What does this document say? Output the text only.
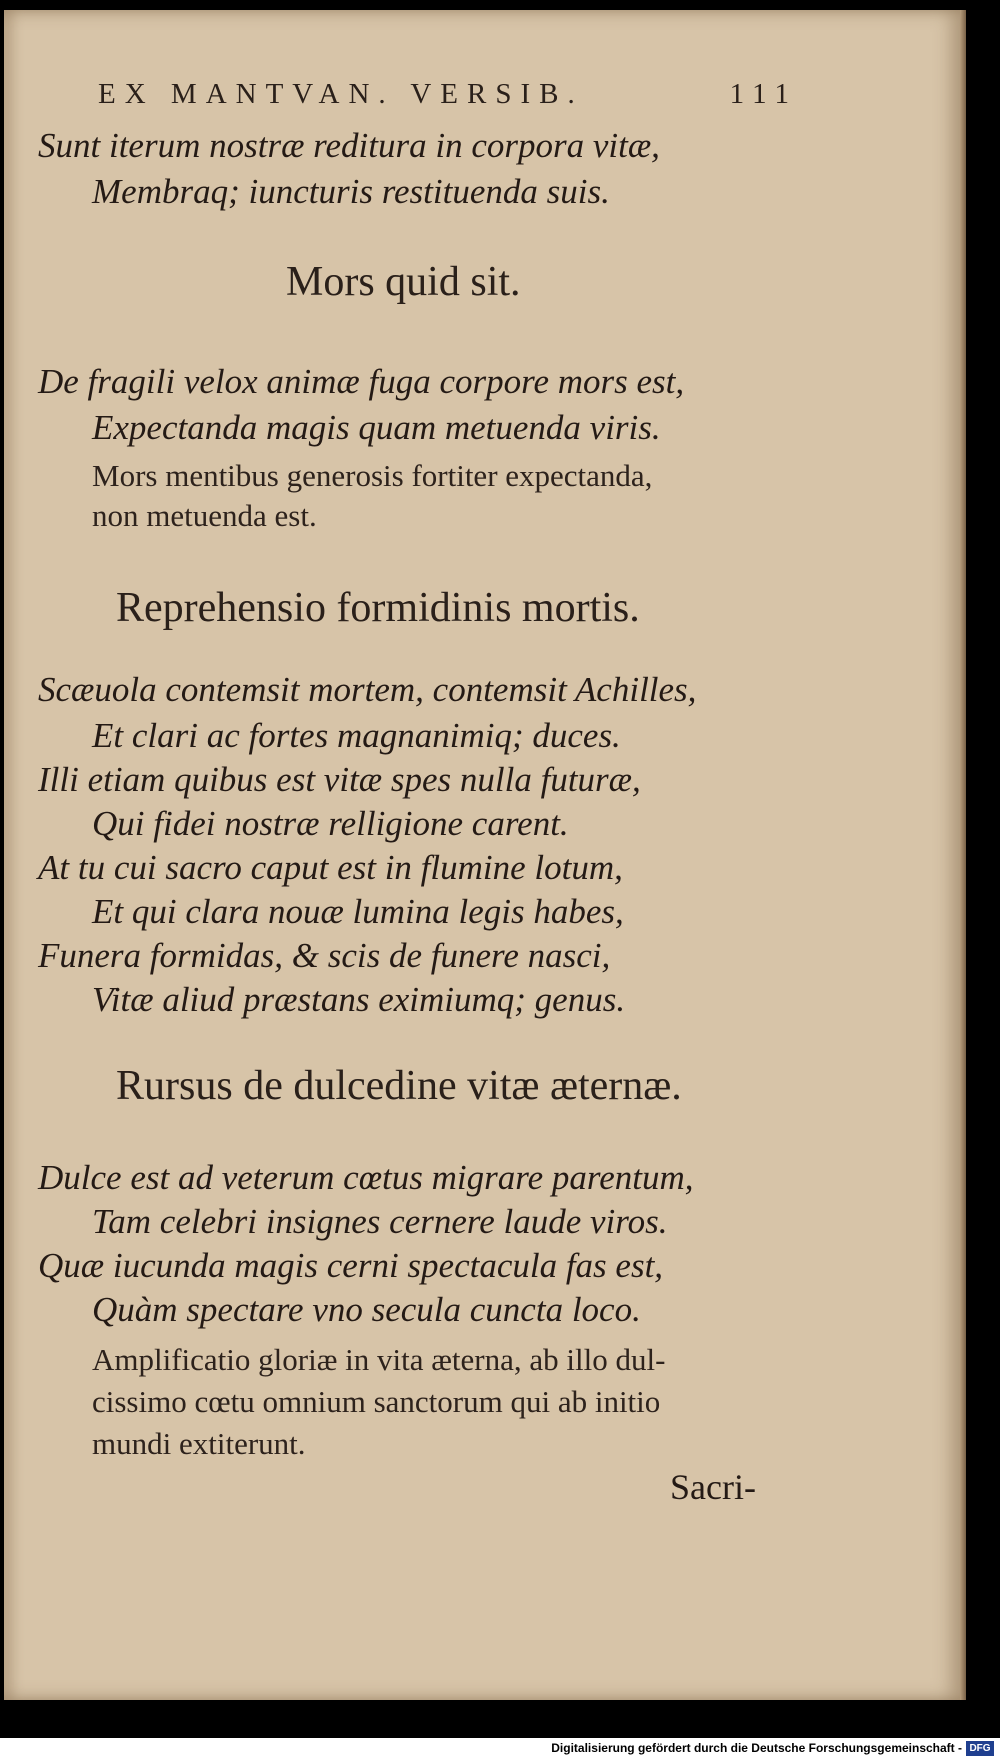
EX MANTVAN. VERSIB.	111
Sunt iterum nostræ reditura in corpora vitæ,
Membraq; iuncturis restituenda suis.
Mors quid sit.
De fragili velox animæ fuga corpore mors est,
Expectanda magis quam metuenda viris.
Mors mentibus generosis fortiter expectanda,
non metuenda est.
Reprehensio formidinis mortis.
Scæuola contemsit mortem, contemsit Achilles,
Et clari ac fortes magnanimiq; duces.
Illi etiam quibus est vitæ spes nulla futuræ,
Qui fidei nostræ relligione carent.
At tu cui sacro caput est in flumine lotum,
Et qui clara nouæ lumina legis habes,
Funera formidas, & scis de funere nasci,
Vitæ aliud præstans eximiumq; genus.
Rursus de dulcedine vitæ æternæ.
Dulce est ad veterum cœtus migrare parentum,
Tam celebri insignes cernere laude viros.
Quæ iucunda magis cerni spectacula fas est,
Quàm spectare vno secula cuncta loco.
Amplificatio gloriæ in vita æterna, ab illo dul-
cissimo cœtu omnium sanctorum qui ab initio
mundi extiterunt.
Sacri-
Digitalisierung gefördert durch die Deutsche Forschungsgemeinschaft - DFG
